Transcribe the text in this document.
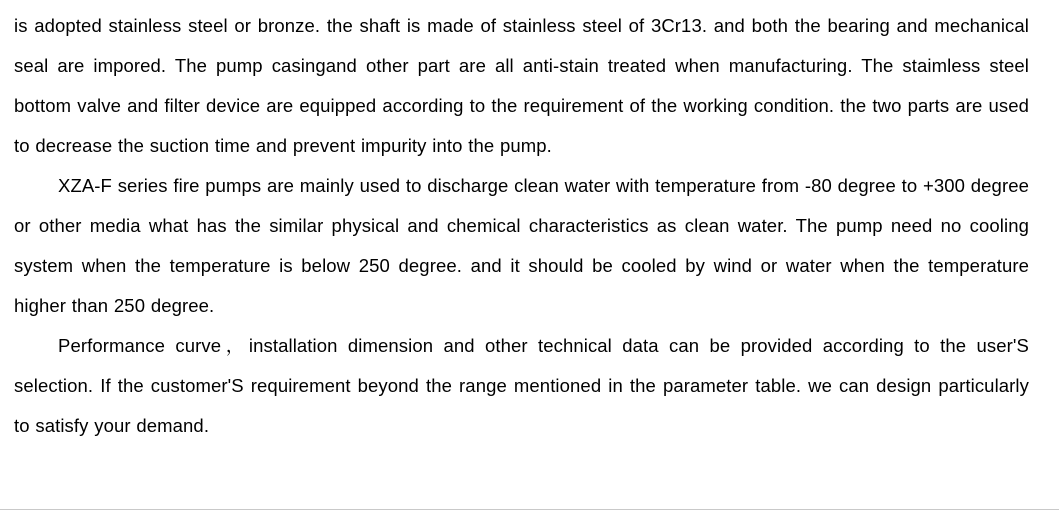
is adopted stainless steel or bronze. the shaft is made of stainless steel of 3Cr13. and both the bearing and mechanical seal are impored. The pump casingand other part are all anti-stain treated when manufacturing. The staimless steel bottom valve and filter device are equipped according to the requirement of the working condition. the two parts are used to decrease the suction time and prevent impurity into the pump.

XZA-F series fire pumps are mainly used to discharge clean water with temperature from -80 degree to +300 degree or other media what has the similar physical and chemical characteristics as clean water. The pump need no cooling system when the temperature is below 250 degree. and it should be cooled by wind or water when the temperature higher than 250 degree.

Performance curve，installation dimension and other technical data can be provided according to the user'S selection. If the customer'S requirement beyond the range mentioned in the parameter table. we can design particularly to satisfy your demand.
